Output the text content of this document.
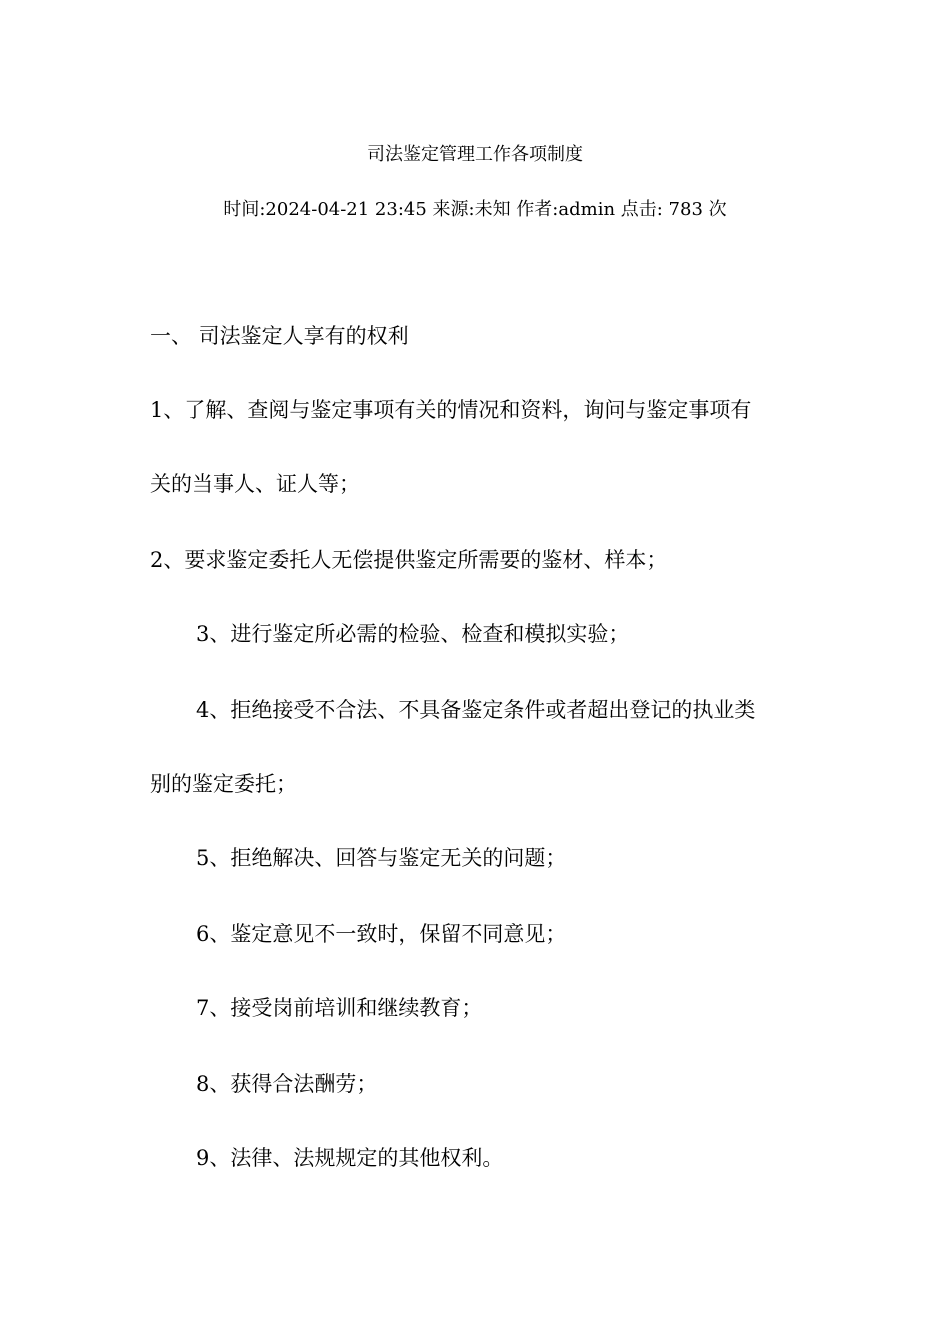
司法鉴定管理工作各项制度
时间:2024-04-21 23:45 来源:未知 作者:admin 点击: 783 次
一、 司法鉴定人享有的权利
1、了解、查阅与鉴定事项有关的情况和资料，询问与鉴定事项有
关的当事人、证人等；
2、要求鉴定委托人无偿提供鉴定所需要的鉴材、样本；
3、进行鉴定所必需的检验、检查和模拟实验；
4、拒绝接受不合法、不具备鉴定条件或者超出登记的执业类
别的鉴定委托；
5、拒绝解决、回答与鉴定无关的问题；
6、鉴定意见不一致时，保留不同意见；
7、接受岗前培训和继续教育；
8、获得合法酬劳；
9、法律、法规规定的其他权利。
